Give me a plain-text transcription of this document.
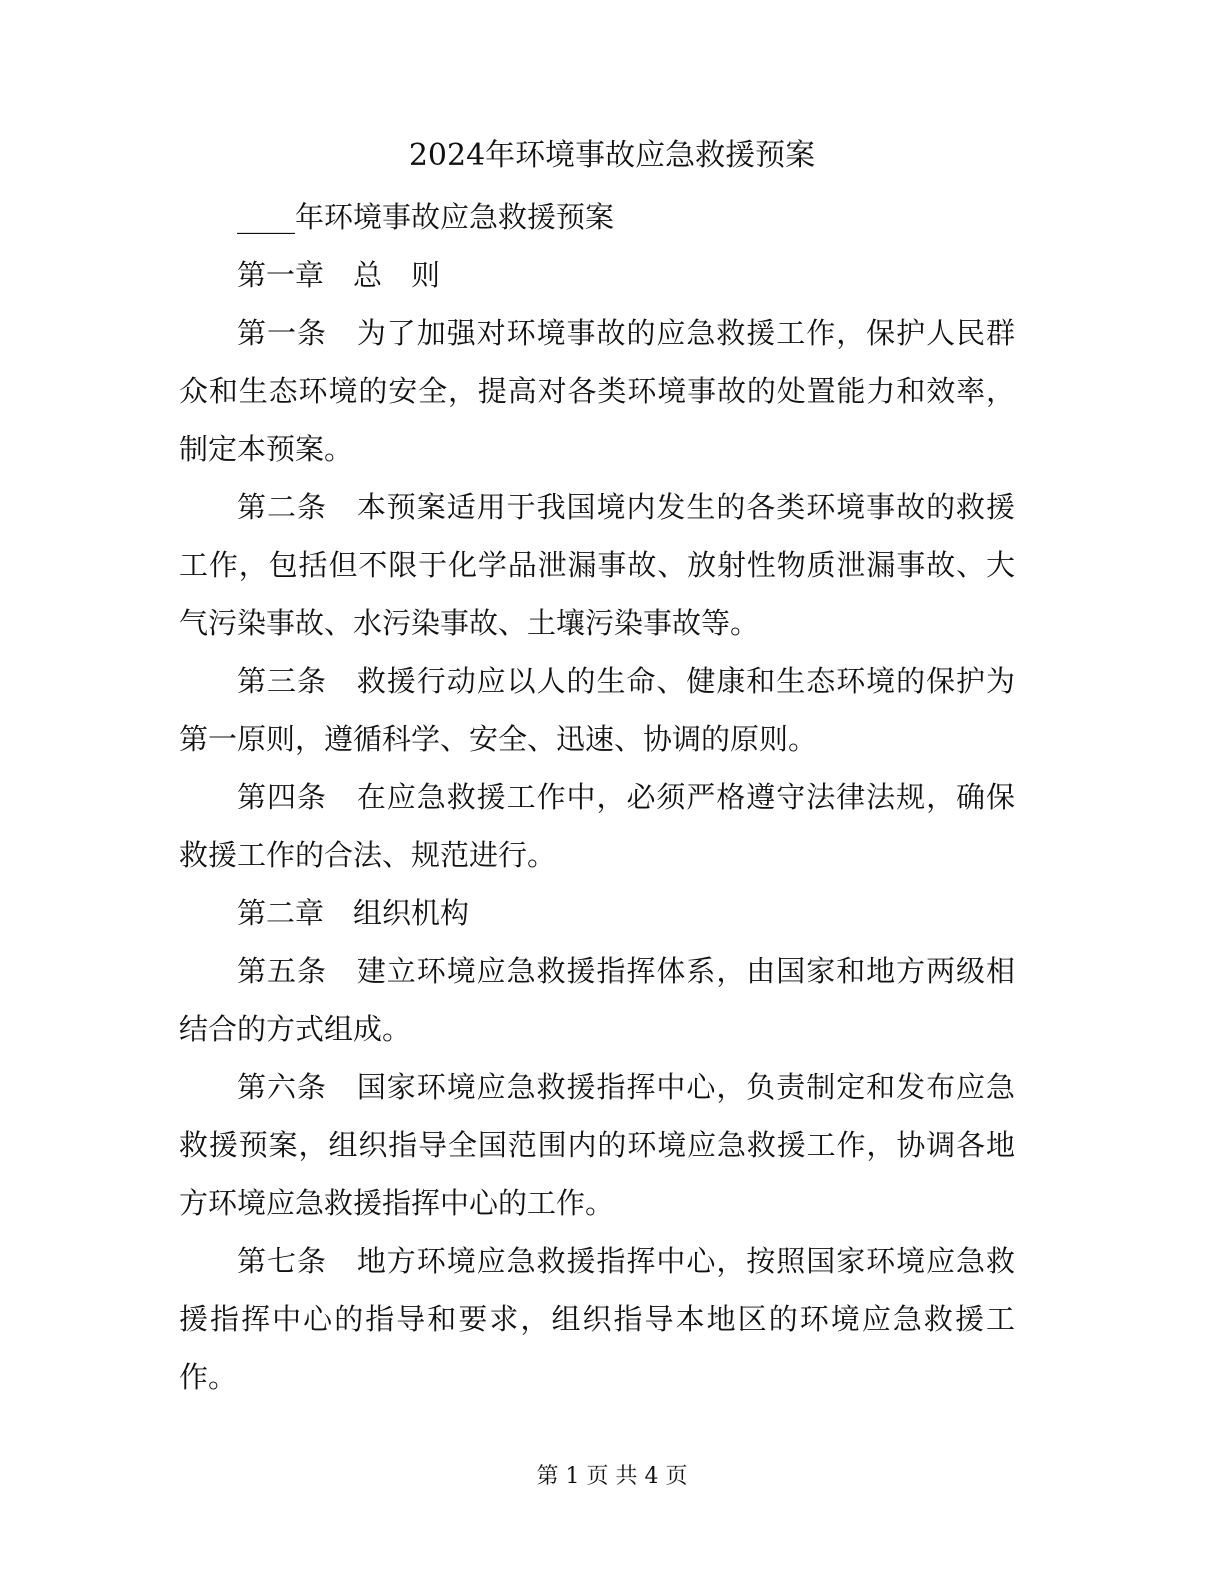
2024年环境事故应急救援预案

____年环境事故应急救援预案

第一章　总　则

第一条　为了加强对环境事故的应急救援工作，保护人民群众和生态环境的安全，提高对各类环境事故的处置能力和效率，制定本预案。

第二条　本预案适用于我国境内发生的各类环境事故的救援工作，包括但不限于化学品泄漏事故、放射性物质泄漏事故、大气污染事故、水污染事故、土壤污染事故等。

第三条　救援行动应以人的生命、健康和生态环境的保护为第一原则，遵循科学、安全、迅速、协调的原则。

第四条　在应急救援工作中，必须严格遵守法律法规，确保救援工作的合法、规范进行。

第二章　组织机构

第五条　建立环境应急救援指挥体系，由国家和地方两级相结合的方式组成。

第六条　国家环境应急救援指挥中心，负责制定和发布应急救援预案，组织指导全国范围内的环境应急救援工作，协调各地方环境应急救援指挥中心的工作。

第七条　地方环境应急救援指挥中心，按照国家环境应急救援指挥中心的指导和要求，组织指导本地区的环境应急救援工作。

第 1 页 共 4 页
